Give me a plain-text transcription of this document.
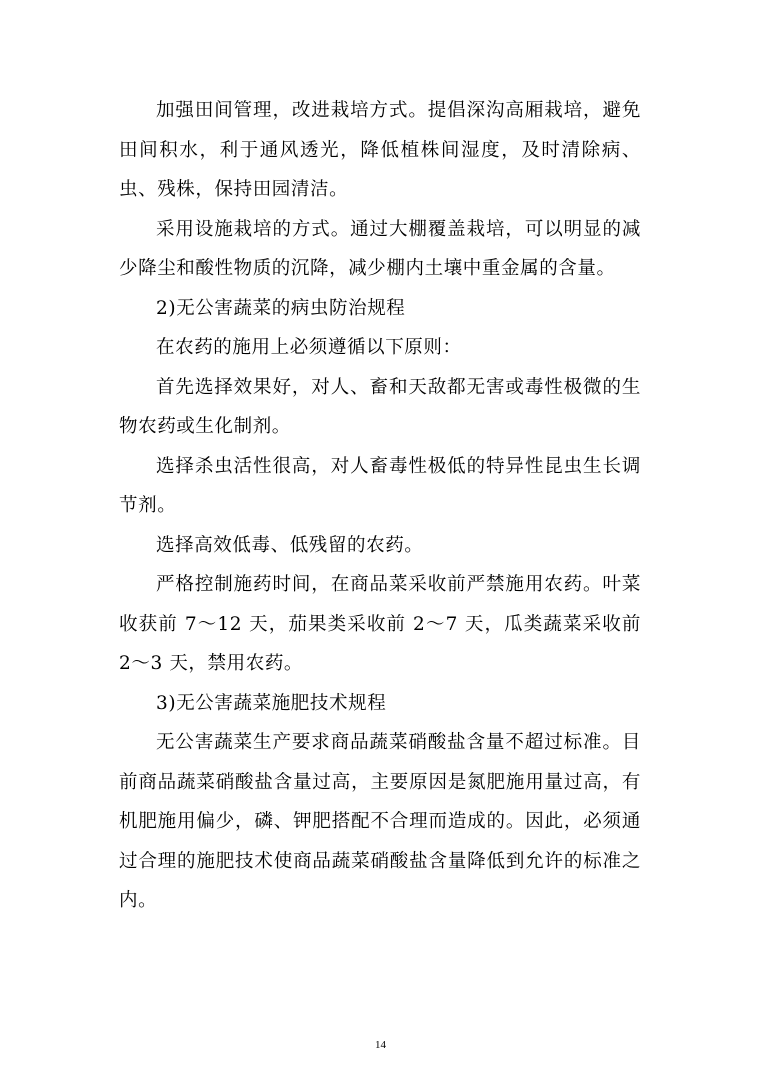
加强田间管理，改进栽培方式。提倡深沟高厢栽培，避免田间积水，利于通风透光，降低植株间湿度，及时清除病、虫、残株，保持田园清洁。

采用设施栽培的方式。通过大棚覆盖栽培，可以明显的减少降尘和酸性物质的沉降，减少棚内土壤中重金属的含量。

2)无公害蔬菜的病虫防治规程

在农药的施用上必须遵循以下原则：

首先选择效果好，对人、畜和天敌都无害或毒性极微的生物农药或生化制剂。

选择杀虫活性很高，对人畜毒性极低的特异性昆虫生长调节剂。

选择高效低毒、低残留的农药。

严格控制施药时间，在商品菜采收前严禁施用农药。叶菜收获前 7～12 天，茄果类采收前 2～7 天，瓜类蔬菜采收前 2～3 天，禁用农药。

3)无公害蔬菜施肥技术规程

无公害蔬菜生产要求商品蔬菜硝酸盐含量不超过标准。目前商品蔬菜硝酸盐含量过高，主要原因是氮肥施用量过高，有机肥施用偏少，磷、钾肥搭配不合理而造成的。因此，必须通过合理的施肥技术使商品蔬菜硝酸盐含量降低到允许的标准之内。

14
